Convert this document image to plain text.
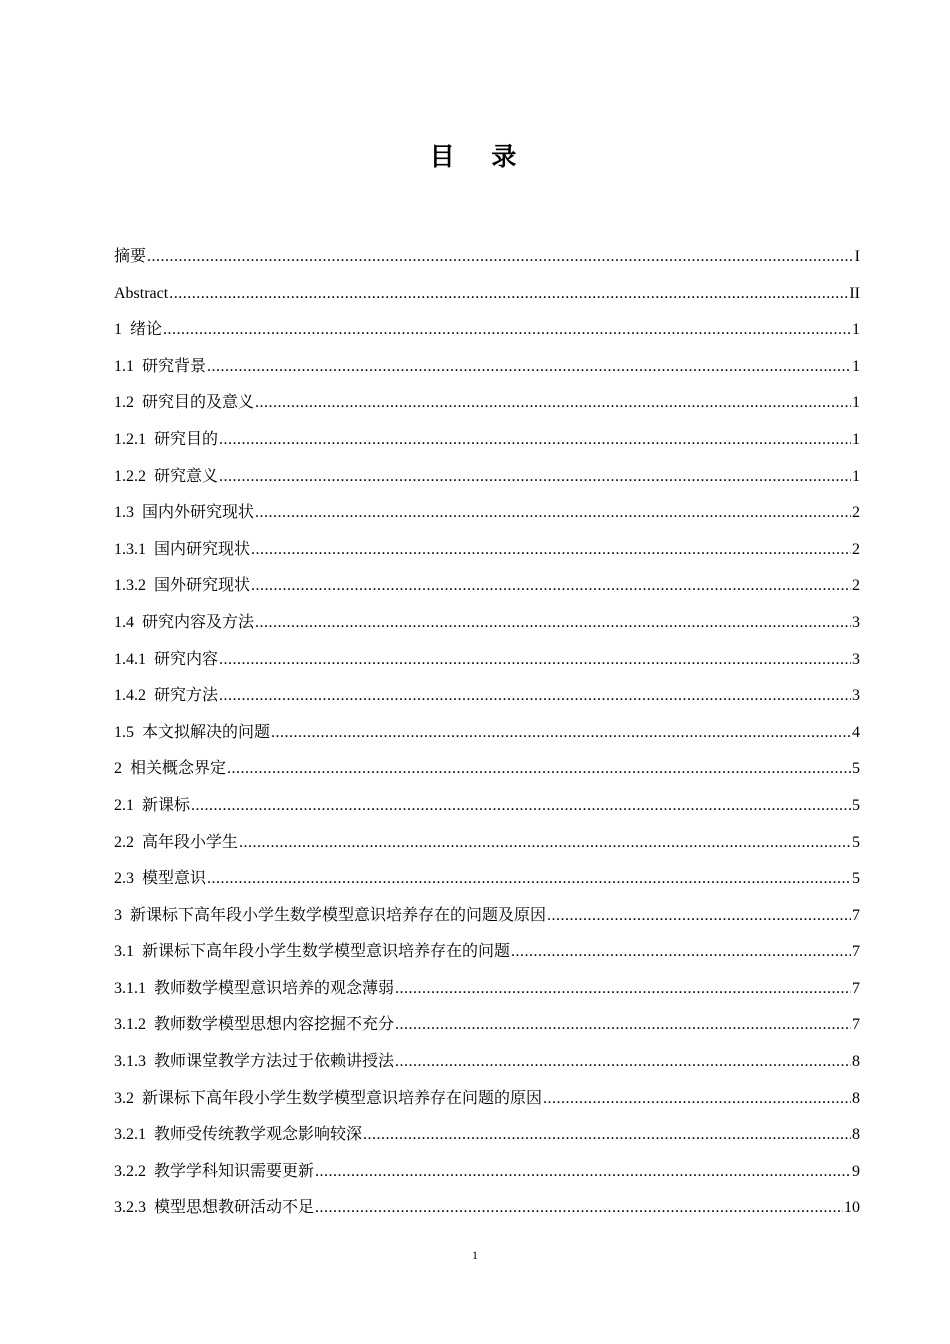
目 录
摘要 .....	I
Abstract .....	II
1 绪论 .....	1
1.1 研究背景 .....	1
1.2 研究目的及意义 .....	1
1.2.1 研究目的 .....	1
1.2.2 研究意义 .....	1
1.3 国内外研究现状 .....	2
1.3.1 国内研究现状 .....	2
1.3.2 国外研究现状 .....	2
1.4 研究内容及方法 .....	3
1.4.1 研究内容 .....	3
1.4.2 研究方法 .....	3
1.5 本文拟解决的问题 .....	4
2 相关概念界定 .....	5
2.1 新课标 .....	5
2.2 高年段小学生 .....	5
2.3 模型意识 .....	5
3 新课标下高年段小学生数学模型意识培养存在的问题及原因 .....	7
3.1 新课标下高年段小学生数学模型意识培养存在的问题 .....	7
3.1.1 教师数学模型意识培养的观念薄弱 .....	7
3.1.2 教师数学模型思想内容挖掘不充分 .....	7
3.1.3 教师课堂教学方法过于依赖讲授法 .....	8
3.2 新课标下高年段小学生数学模型意识培养存在问题的原因 .....	8
3.2.1 教师受传统教学观念影响较深 .....	8
3.2.2 教学学科知识需要更新 .....	9
3.2.3 模型思想教研活动不足 .....	10
1
